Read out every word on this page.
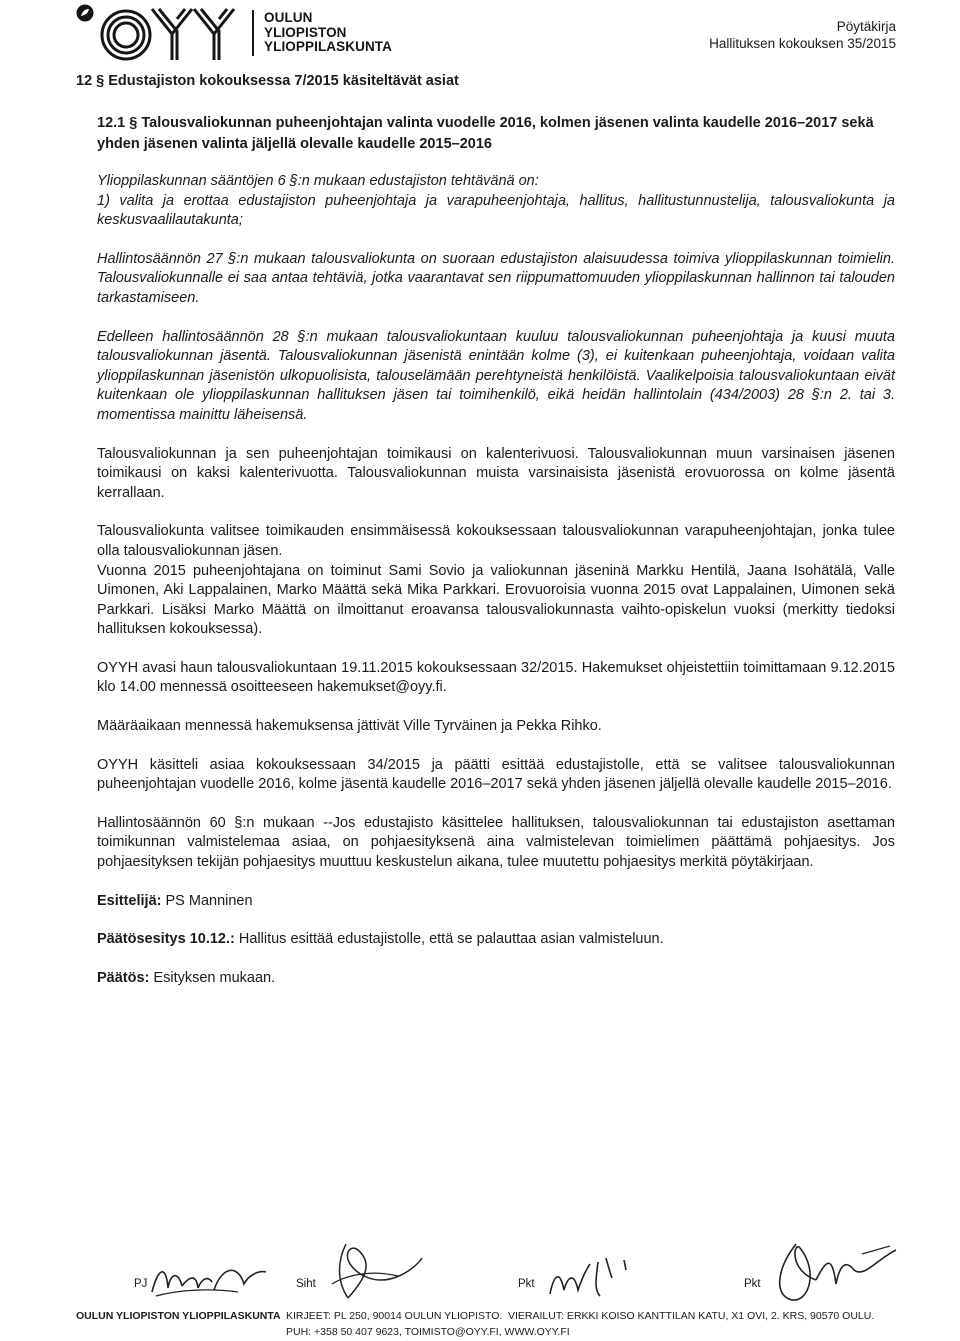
OULUN
YLIOPISTON
YLIOPPILASKUNTA
Pöytäkirja
Hallituksen kokouksen 35/2015
12 § Edustajiston kokouksessa 7/2015 käsiteltävät asiat
12.1 § Talousvaliokunnan puheenjohtajan valinta vuodelle 2016, kolmen jäsenen valinta kaudelle 2016–2017 sekä yhden jäsenen valinta jäljellä olevalle kaudelle 2015–2016

Ylioppilaskunnan sääntöjen 6 §:n mukaan edustajiston tehtävänä on:

1) valita ja erottaa edustajiston puheenjohtaja ja varapuheenjohtaja, hallitus, hallitustunnustelija, talousvaliokunta ja keskusvaalilautakunta;

Hallintosäännön 27 §:n mukaan talousvaliokunta on suoraan edustajiston alaisuudessa toimiva ylioppilaskunnan toimielin. Talousvaliokunnalle ei saa antaa tehtäviä, jotka vaarantavat sen riippumattomuuden ylioppilaskunnan hallinnon tai talouden tarkastamiseen.

Edelleen hallintosäännön 28 §:n mukaan talousvaliokuntaan kuuluu talousvaliokunnan puheenjohtaja ja kuusi muuta talousvaliokunnan jäsentä. Talousvaliokunnan jäsenistä enintään kolme (3), ei kuitenkaan puheenjohtaja, voidaan valita ylioppilaskunnan jäsenistön ulkopuolisista, talouselämään perehtyneistä henkilöistä. Vaalikelpoisia talousvaliokuntaan eivät kuitenkaan ole ylioppilaskunnan hallituksen jäsen tai toimihenkilö, eikä heidän hallintolain (434/2003) 28 §:n 2. tai 3. momentissa mainittu läheisensä.

Talousvaliokunnan ja sen puheenjohtajan toimikausi on kalenterivuosi. Talousvaliokunnan muun varsinaisen jäsenen toimikausi on kaksi kalenterivuotta. Talousvaliokunnan muista varsinaisista jäsenistä erovuorossa on kolme jäsentä kerrallaan.

Talousvaliokunta valitsee toimikauden ensimmäisessä kokouksessaan talousvaliokunnan varapuheenjohtajan, jonka tulee olla talousvaliokunnan jäsen.

Vuonna 2015 puheenjohtajana on toiminut Sami Sovio ja valiokunnan jäseninä Markku Hentilä, Jaana Isohätälä, Valle Uimonen, Aki Lappalainen, Marko Määttä sekä Mika Parkkari. Erovuoroisia vuonna 2015 ovat Lappalainen, Uimonen sekä Parkkari. Lisäksi Marko Määttä on ilmoittanut eroavansa talousvaliokunnasta vaihto-opiskelun vuoksi (merkitty tiedoksi hallituksen kokouksessa).

OYYH avasi haun talousvaliokuntaan 19.11.2015 kokouksessaan 32/2015. Hakemukset ohjeistettiin toimittamaan 9.12.2015 klo 14.00 mennessä osoitteeseen hakemukset@oyy.fi.

Määräaikaan mennessä hakemuksensa jättivät Ville Tyrväinen ja Pekka Rihko.

OYYH käsitteli asiaa kokouksessaan 34/2015 ja päätti esittää edustajistolle, että se valitsee talousvaliokunnan puheenjohtajan vuodelle 2016, kolme jäsentä kaudelle 2016–2017 sekä yhden jäsenen jäljellä olevalle kaudelle 2015–2016.

Hallintosäännön 60 §:n mukaan --Jos edustajisto käsittelee hallituksen, talousvaliokunnan tai edustajiston asettaman toimikunnan valmistelemaa asiaa, on pohjaesityksenä aina valmistelevan toimielimen päättämä pohjaesitys. Jos pohjaesityksen tekijän pohjaesitys muuttuu keskustelun aikana, tulee muutettu pohjaesitys merkitä pöytäkirjaan.

Esittelijä: PS Manninen

Päätösesitys 10.12.: Hallitus esittää edustajistolle, että se palauttaa asian valmisteluun.

Päätös: Esityksen mukaan.

PJ	Siht	Pkt	Pkt
OULUN YLIOPISTON YLIOPPILASKUNTA KIRJEET: PL 250, 90014 OULUN YLIOPISTO.
PUH: +358 50 407 9623, TOIMISTO@OYY.FI, WWW.OYY.FI
VIERAILUT: ERKKI KOISO KANTTILAN KATU, X1 OVI, 2. KRS, 90570 OULU.
